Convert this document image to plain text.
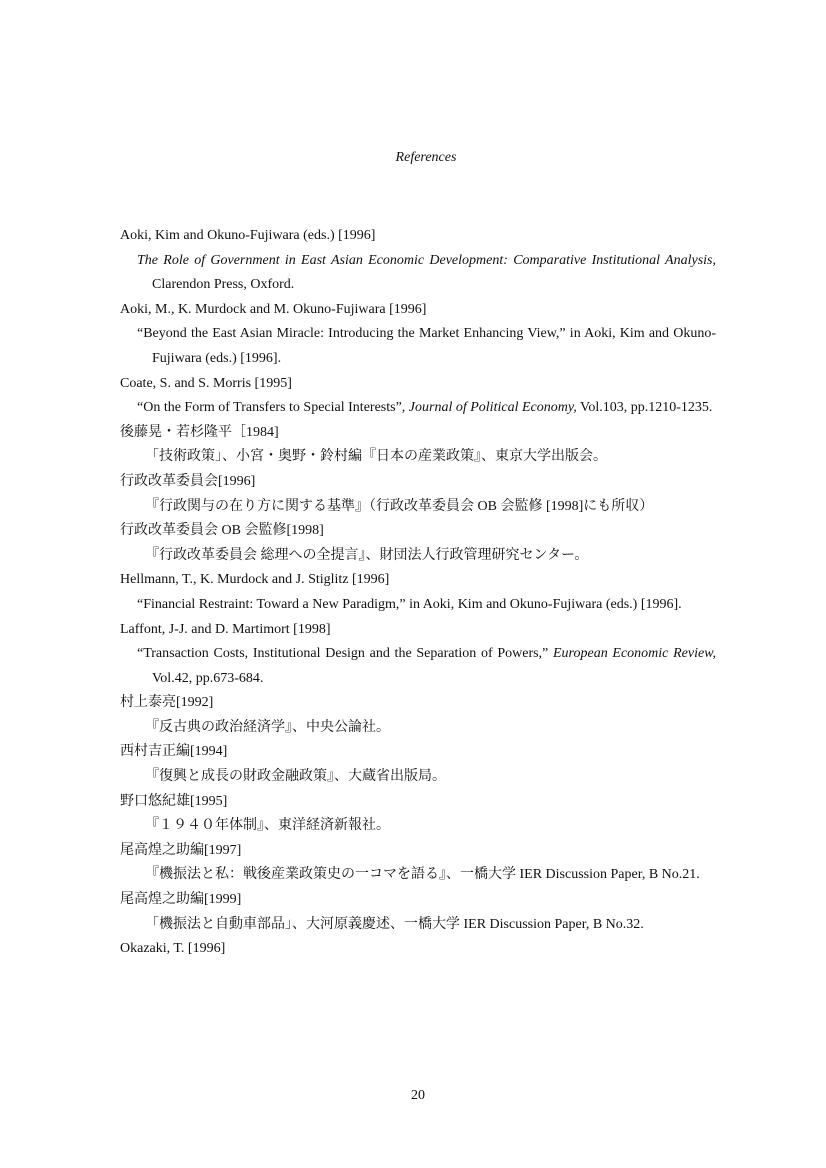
References
Aoki, Kim and Okuno-Fujiwara (eds.) [1996]
The Role of Government in East Asian Economic Development: Comparative Institutional Analysis, Clarendon Press, Oxford.
Aoki, M., K. Murdock and M. Okuno-Fujiwara [1996]
“Beyond the East Asian Miracle: Introducing the Market Enhancing View,” in Aoki, Kim and Okuno-Fujiwara (eds.) [1996].
Coate, S. and S. Morris [1995]
“On the Form of Transfers to Special Interests”, Journal of Political Economy, Vol.103, pp.1210-1235.
後藤晃・若杉隆平［1984]
「技術政策」、小宮・奥野・鈴村編『日本の産業政策』、東京大学出版会。
行政改革委員会[1996]
『行政関与の在り方に関する基準』（行政改革委員会 OB 会監修 [1998]にも所収）
行政改革委員会 OB 会監修[1998]
『行政改革委員会 総理への全提言』、財団法人行政管理研究センター。
Hellmann, T., K. Murdock and J. Stiglitz [1996]
“Financial Restraint: Toward a New Paradigm,” in Aoki, Kim and Okuno-Fujiwara (eds.) [1996].
Laffont, J-J. and D. Martimort [1998]
“Transaction Costs, Institutional Design and the Separation of Powers,” European Economic Review, Vol.42, pp.673-684.
村上泰亮[1992]
『反古典の政治経済学』、中央公論社。
西村吉正編[1994]
『復興と成長の財政金融政策』、大蔵省出版局。
野口悠紀雄[1995]
『１９４０年体制』、東洋経済新報社。
尾高煌之助編[1997]
『機振法と私：戦後産業政策史の一コマを語る』、一橋大学 IER Discussion Paper, B No.21.
尾高煌之助編[1999]
「機振法と自動車部品」、大河原義慶述、一橋大学 IER Discussion Paper, B No.32.
Okazaki, T. [1996]
20
